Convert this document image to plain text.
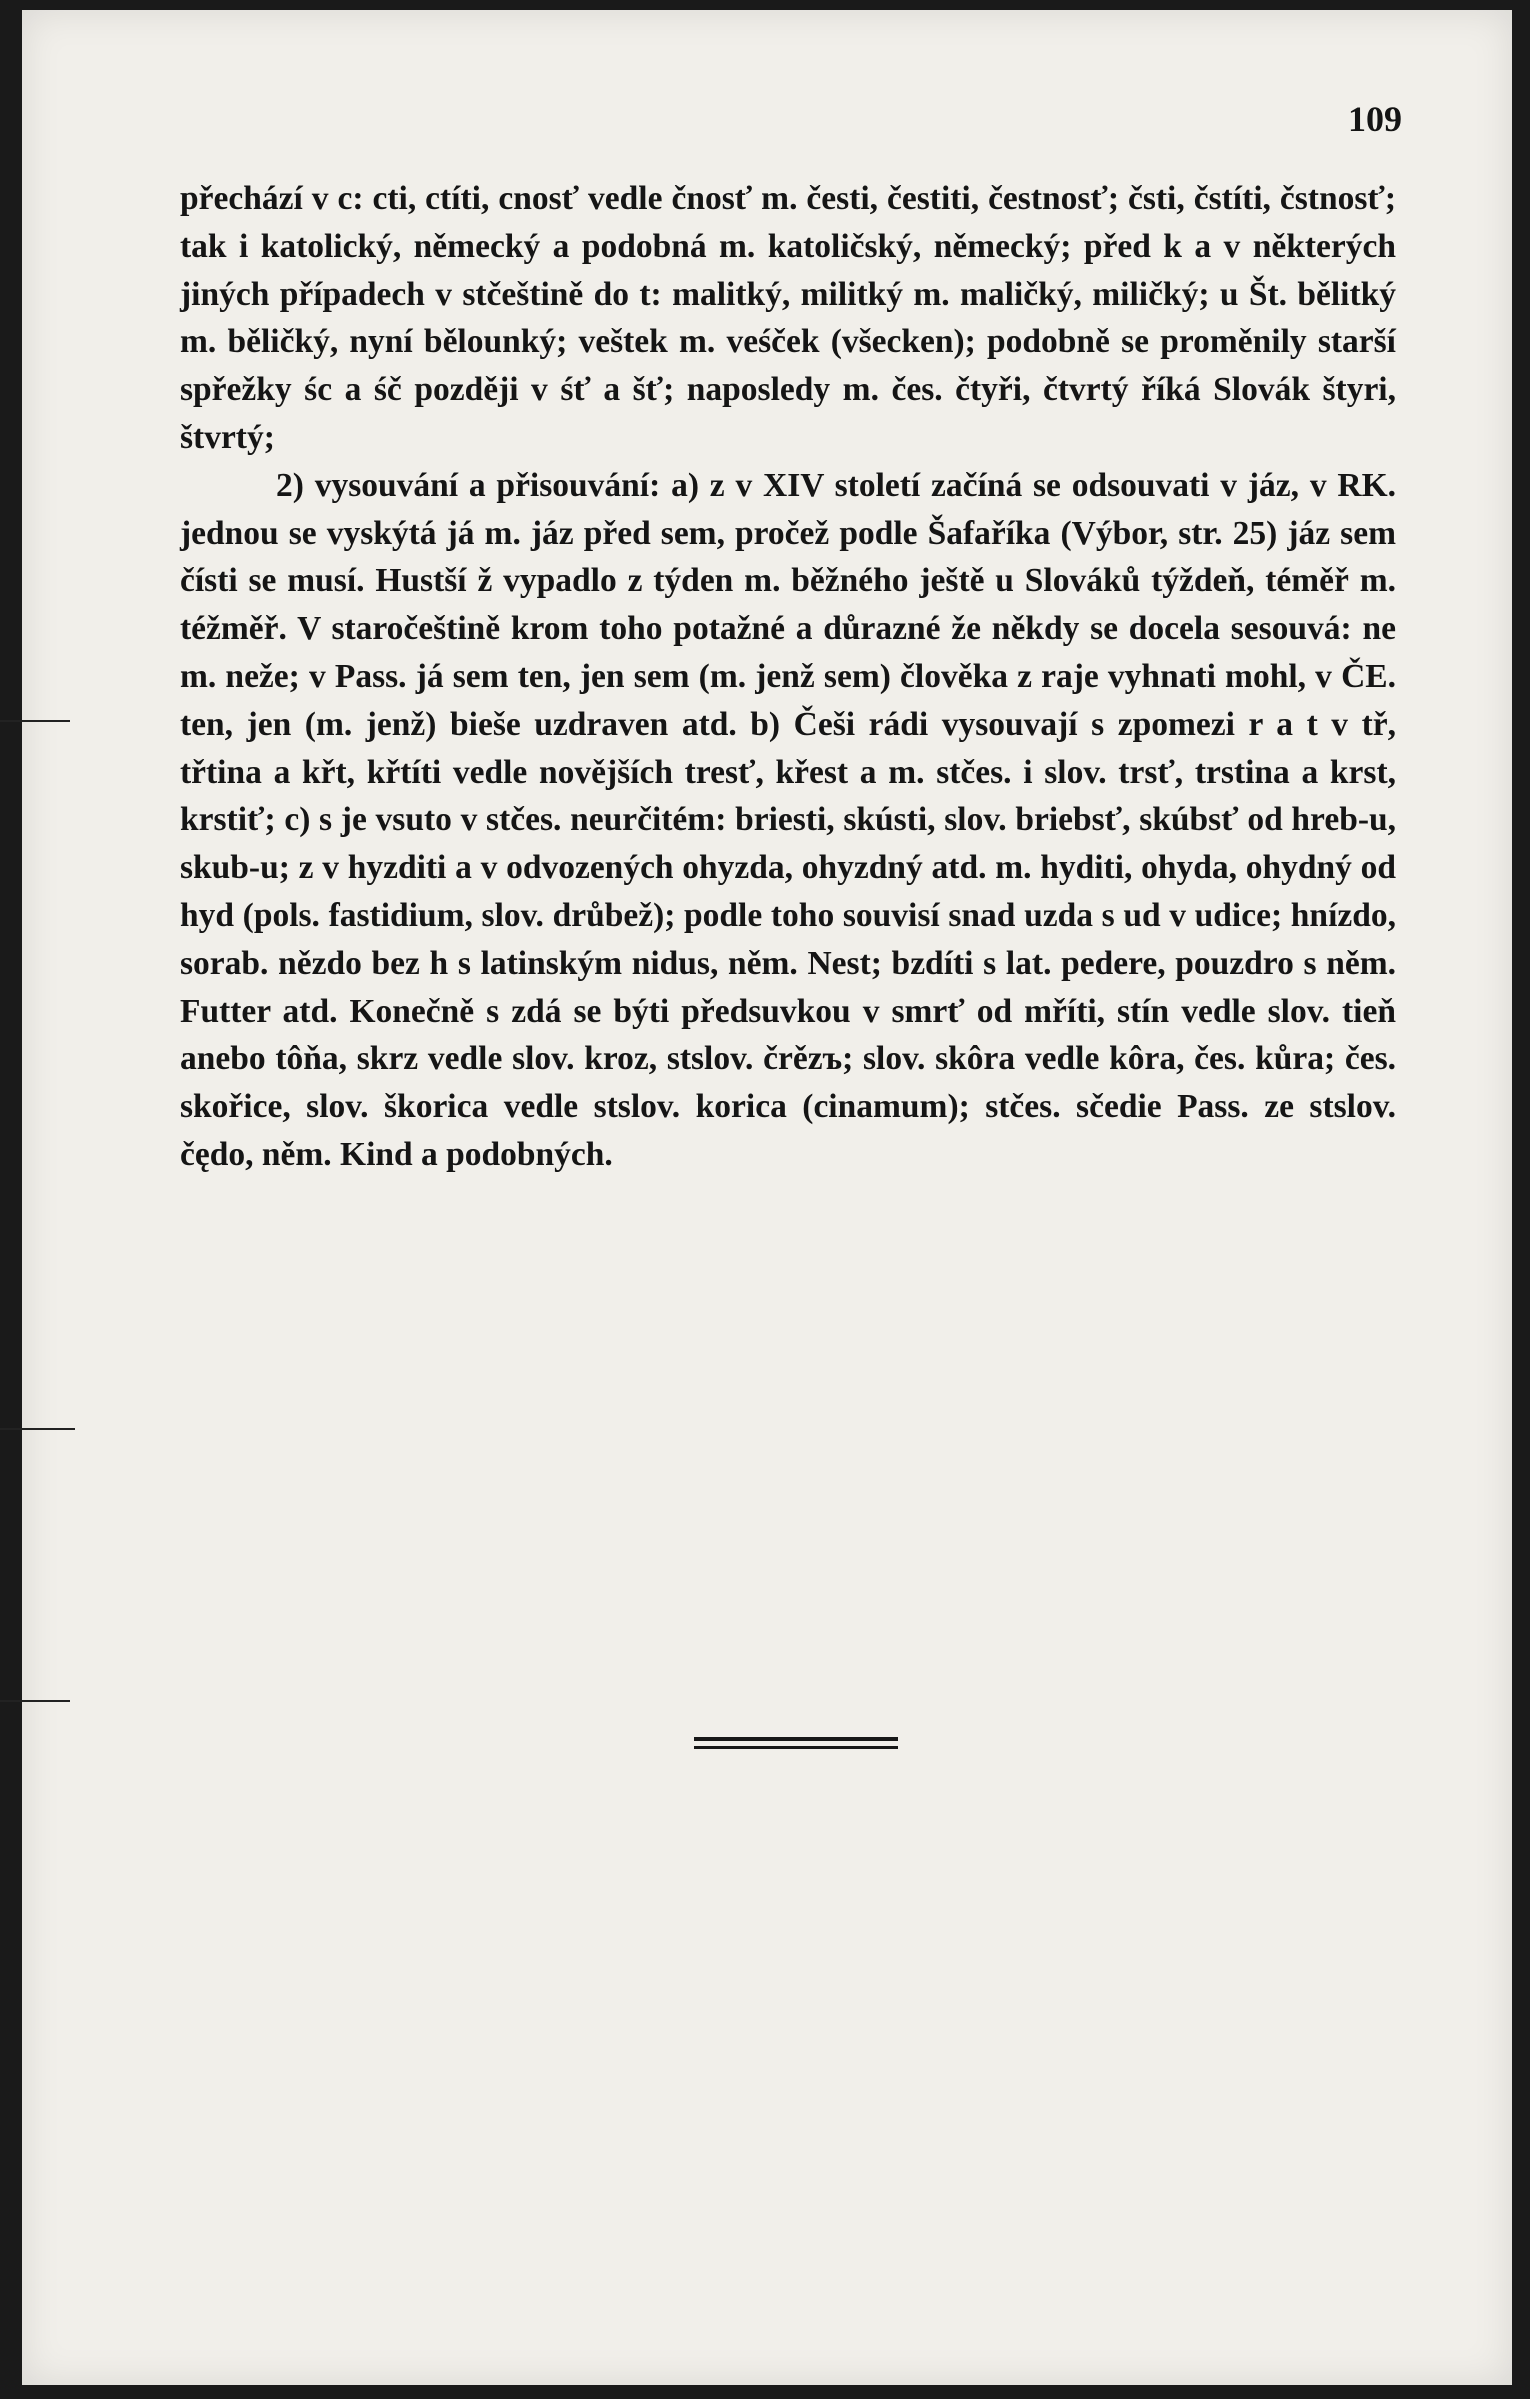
109

přechází v c: cti, ctíti, cnosť vedle čnosť m. česti, čestiti, čestnosť; čsti, čstíti, čstnosť; tak i katolický, německý a podobná m. katoličský, německý; před k a v některých jiných případech v stčeštině do t: malitký, militký m. maličký, miličký; u Št. bělitký m. běličký, nyní bělounký; veštek m. veśček (všecken); podobně se proměnily starší spřežky śc a śč později v śť a šť; naposledy m. čes. čtyři, čtvrtý říká Slovák štyri, štvrtý;

2) vysouvání a přisouvání: a) z v XIV století začíná se odsouvati v jáz, v RK. jednou se vyskýtá já m. jáz před sem, pročež podle Šafaříka (Výbor, str. 25) jáz sem čísti se musí. Hustší ž vypadlo z týden m. běžného ještě u Slováků týždeň, téměř m. téžměř. V staročeštině krom toho potažné a důrazné že někdy se docela sesouvá: ne m. neže; v Pass. já sem ten, jen sem (m. jenž sem) člověka z raje vyhnati mohl, v ČE. ten, jen (m. jenž) bieše uzdraven atd. b) Češi rádi vysouvají s zpomezi r a t v tř, třtina a křt, křtíti vedle novějších tresť, křest a m. stčes. i slov. trsť, trstina a krst, krstiť; c) s je vsuto v stčes. neurčitém: briesti, skústi, slov. briebsť, skúbsť od hreb-u, skub-u; z v hyzditi a v odvozených ohyzda, ohyzdný atd. m. hyditi, ohyda, ohydný od hyd (pols. fastidium, slov. drůbež); podle toho souvisí snad uzda s ud v udice; hnízdo, sorab. nězdo bez h s latinským nidus, něm. Nest; bzdíti s lat. pedere, pouzdro s něm. Futter atd. Konečně s zdá se býti předsuvkou v smrť od mříti, stín vedle slov. tieň anebo tôňa, skrz vedle slov. kroz, stslov. črězъ; slov. skôra vedle kôra, čes. kůra; čes. skořice, slov. škorica vedle stslov. korica (cinamum); stčes. sčedie Pass. ze stslov. čędo, něm. Kind a podobných.
